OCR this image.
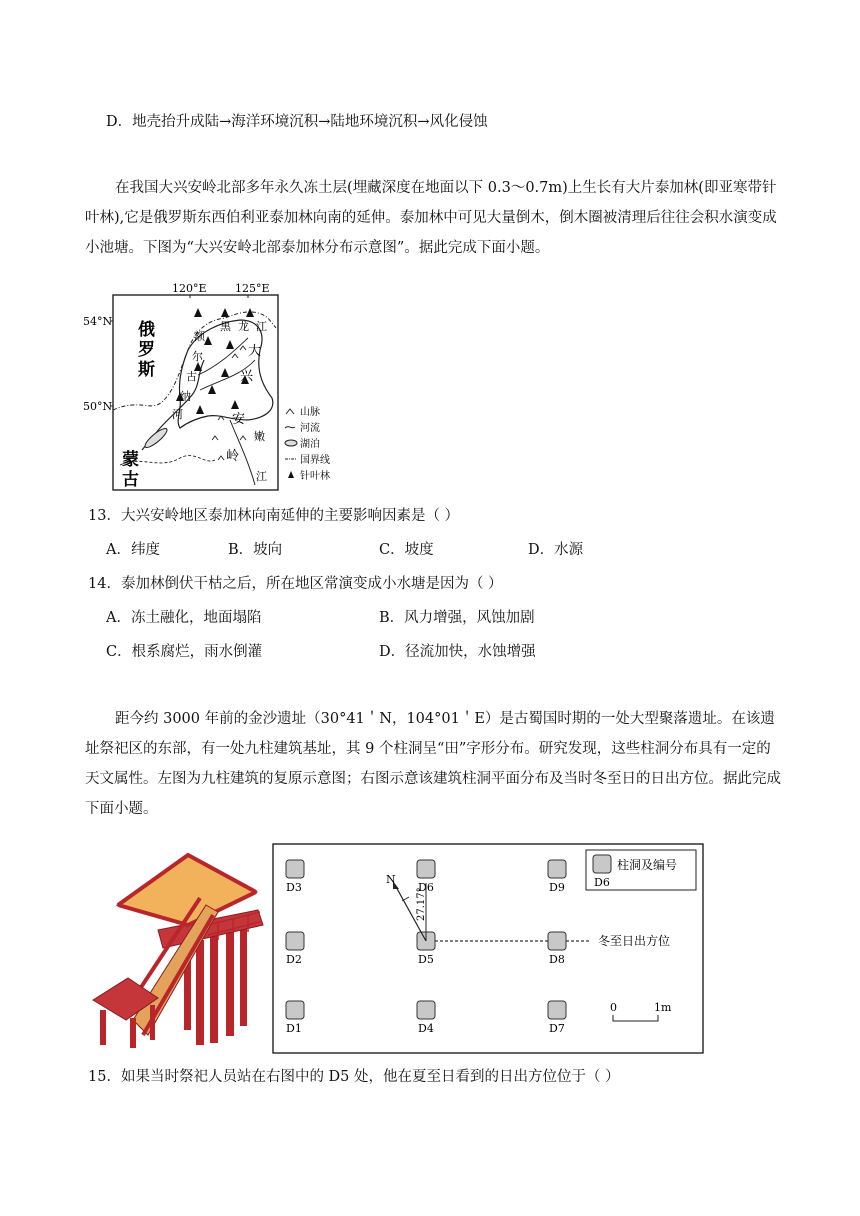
D．地壳抬升成陆→海洋环境沉积→陆地环境沉积→风化侵蚀
在我国大兴安岭北部多年永久冻土层(埋藏深度在地面以下 0.3～0.7m)上生长有大片泰加林(即亚寒带针叶林),它是俄罗斯东西伯利亚泰加林向南的延伸。泰加林中可见大量倒木，倒木圈被清理后往往会积水演变成小池塘。下图为“大兴安岭北部泰加林分布示意图”。据此完成下面小题。
120°E	125°E
54°N
50°N
俄
罗
斯
蒙
古
黑 龙 江
额
尔
古
纳
河
大
兴
安
岭
嫩
江
山脉
河流
湖泊
国界线
针叶林
13．大兴安岭地区泰加林向南延伸的主要影响因素是（ ）
A．纬度	B．坡向	C．坡度	D．水源
14．泰加林倒伏干枯之后，所在地区常演变成小水塘是因为（ ）
A．冻土融化，地面塌陷	B．风力增强，风蚀加剧
C．根系腐烂，雨水倒灌	D．径流加快，水蚀增强
距今约 3000 年前的金沙遗址（30°41＇N，104°01＇E）是古蜀国时期的一处大型聚落遗址。在该遗址祭祀区的东部，有一处九柱建筑基址，其 9 个柱洞呈“田”字形分布。研究发现，这些柱洞分布具有一定的天文属性。左图为九柱建筑的复原示意图；右图示意该建筑柱洞平面分布及当时冬至日的日出方位。据此完成下面小题。
D3	D6	D9
D2	D5	D8
D1	D4	D7
N
27.17°
冬至日出方位
柱洞及编号
D6
0	1m
15．如果当时祭祀人员站在右图中的 D5 处，他在夏至日看到的日出方位位于（ ）
